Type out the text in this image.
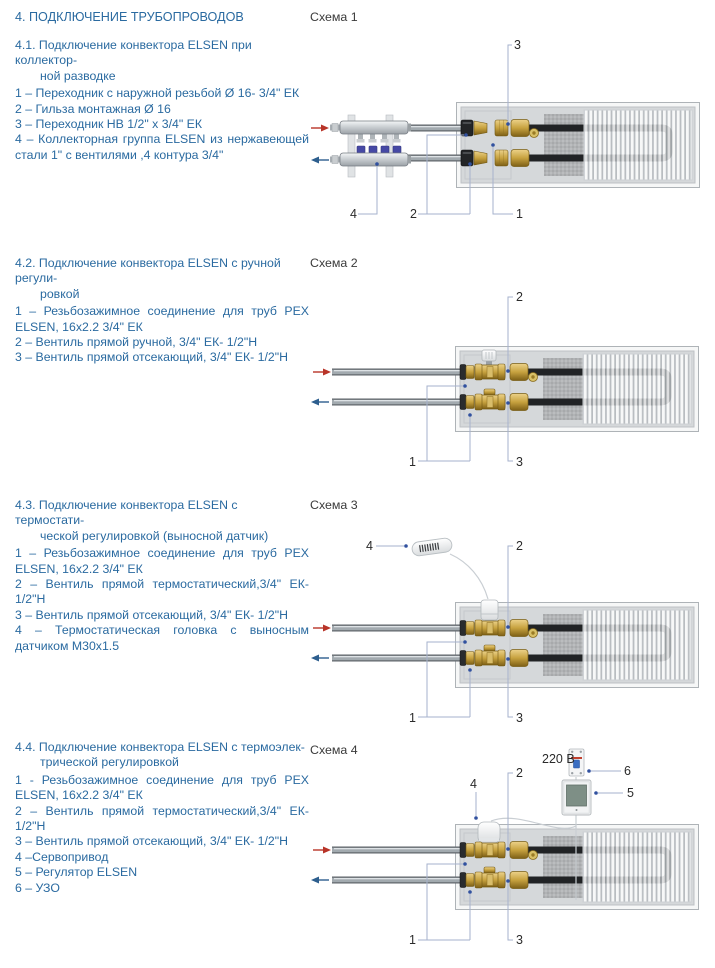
4. ПОДКЛЮЧЕНИЕ ТРУБОПРОВОДОВ

4.1. Подключение конвектора ELSEN при коллектор-
ной разводке

1 – Переходник с наружной резьбой Ø 16- 3/4" ЕК

2 – Гильза монтажная Ø 16

3 – Переходник НВ 1/2" х 3/4" ЕК

4 – Коллекторная группа ELSEN из нержавеющей стали 1" с вентилями ,4 контура 3/4"

4.2. Подключение конвектора ELSEN с ручной регули-
ровкой

1 – Резьбозажимное соединение для труб PEX ELSEN, 16х2.2 3/4" ЕК

2 – Вентиль прямой ручной, 3/4" ЕК- 1/2"Н

3 – Вентиль прямой отсекающий, 3/4" ЕК- 1/2"Н

4.3. Подключение конвектора ELSEN с термостати-
ческой регулировкой (выносной датчик)

1 – Резьбозажимное соединение для труб PEX ELSEN, 16х2.2 3/4" ЕК

2 – Вентиль прямой термостатический,3/4" ЕК- 1/2"Н

3 – Вентиль прямой отсекающий, 3/4" ЕК- 1/2"Н

4 – Термостатическая головка с выносным датчиком M30x1.5

4.4. Подключение конвектора ELSEN с термоэлек-
трической регулировкой

1 - Резьбозажимное соединение для труб PEX ELSEN, 16х2.2 3/4" ЕК

2 – Вентиль прямой термостатический,3/4" ЕК- 1/2"Н

3 – Вентиль прямой отсекающий, 3/4" ЕК- 1/2"Н

4 –Сервопривод

5 – Регулятор ELSEN

6 – УЗО

Схема 1
Схема 2
Схема 3
Схема 4
3
4	2	1
2
1	3
4	2
1	3
220 В
6
5
4
2
1	3
